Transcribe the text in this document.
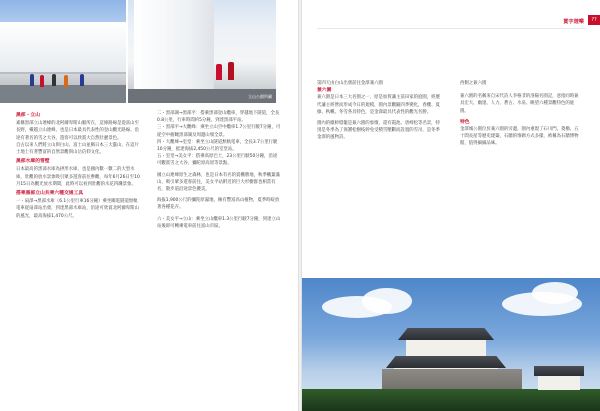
立山公園所屬
黑部・立山

素稱黑部立山連峰的北阿爾卑斯山脈所在，這條路線是從富山至長野，橫越立山連峰，也是日本最具代表性的登山觀光路線。沿途有著名的雪之大谷，遊客可以欣賞大自然壯麗景色。

自古以來人們將立山與白山、富士山並稱日本三大靈山，在這片土地上有著豐富的自然景觀與山岳信仰文化。

黑部水庫的雪壁

日本最高的黑部水庫為拱形水庫，也是國內數一數二的大型水庫，壯觀的放水景象吸引眾多遊客前往參觀，每年6月26日至10月15日為觀光放水期間，此時可以看到壯觀的水花四濺景象。

搭乘黑部立山共乘六種交通工具

一・扇澤→黑部水庫（6.1公里行車16分鐘）乘坐關電隧道無軌電車從扇澤站出發，到達黑部水庫站，沿途可欣賞北阿爾卑斯山的風光，最高海拔1,470公尺。

二・黑部湖→黑部平：搭乘黑部登山纜車，穿越地下隧道，全長0.8公里，行車時間約5分鐘，到達黑部平站。

三・黑部平→大觀峰：乘坐立山空中纜車1.7公里行駛7分鐘，可從空中俯瞰黑部湖及周邊山嶺全景。

四・大觀峰→室堂：乘坐立山隧道無軌電車，全長3.7公里行駛10分鐘，抵達海拔2,450公尺的室堂站。

五・室堂→美女平：搭乘高原巴士，23公里行駛50分鐘，沿途可觀賞雪之大谷、彌陀原高原等景點。

國立山連峰原生之森林，也是日本有名的賞楓勝地，秋季楓葉滿山，吸引眾多遊客前往，美女平站附近的巨大杉樹群也相當有名，散步道沿途景色優美。

海拔1,900公尺的彌陀原濕地，擁有豐富高山植物，夏季時綻放著各種花卉。

六・美女平→立山：乘坐立山纜車1.3公里行駛7分鐘，到達立山站後即可轉乘電車前往富山市區。

賞字遊樂	??

第四天由白山出發前往金澤兼六園

兼六園

兼六園是日本三大名園之一，原是加賀藩主前田家的庭園，經歷代藩主經營而形成今日的規模，園內景觀隨四季變化，春櫻、夏綠、秋楓、冬雪各具特色，是金澤最具代表性的觀光名勝。

園內的徽軫燈籠是兼六園的象徵，還有霞池、唐崎松等名景，特別是冬季為了保護松樹枝幹免受積雪壓斷而設置的雪吊，是冬季金澤的風物詩。

西側之兼六園

兼六園的名稱來自宋代詩人李格非的洛陽名園記，意指同時兼具宏大、幽邃、人力、蒼古、水泉、眺望六種景觀特色的庭園。

特色

金澤城公園位於兼六園的旁邊，園內重現了石川門、菱櫓、五十間長屋等歷史建築，石牆的堆砌方式多樣，被稱為石牆博物館，值得細細品味。
